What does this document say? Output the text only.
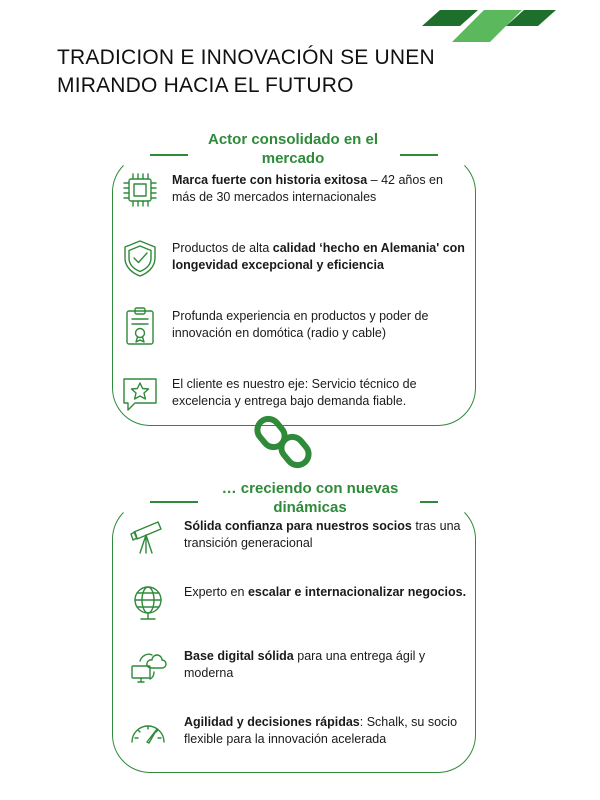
TRADICION E INNOVACIÓN SE UNEN
MIRANDO HACIA EL FUTURO
Actor consolidado en el
mercado
Marca fuerte con historia exitosa – 42 años en más de 30 mercados internacionales
Productos de alta calidad ‘hecho en Alemania' con longevidad excepcional y eficiencia
Profunda experiencia en productos y poder de innovación en domótica (radio y cable)
El cliente es nuestro eje: Servicio técnico de excelencia y entrega bajo demanda fiable.
… creciendo con nuevas
dinámicas
Sólida confianza para nuestros socios tras una transición generacional
Experto en escalar e internacionalizar negocios.
Base digital sólida para una entrega ágil y moderna
Agilidad y decisiones rápidas: Schalk, su socio flexible para la innovación acelerada
